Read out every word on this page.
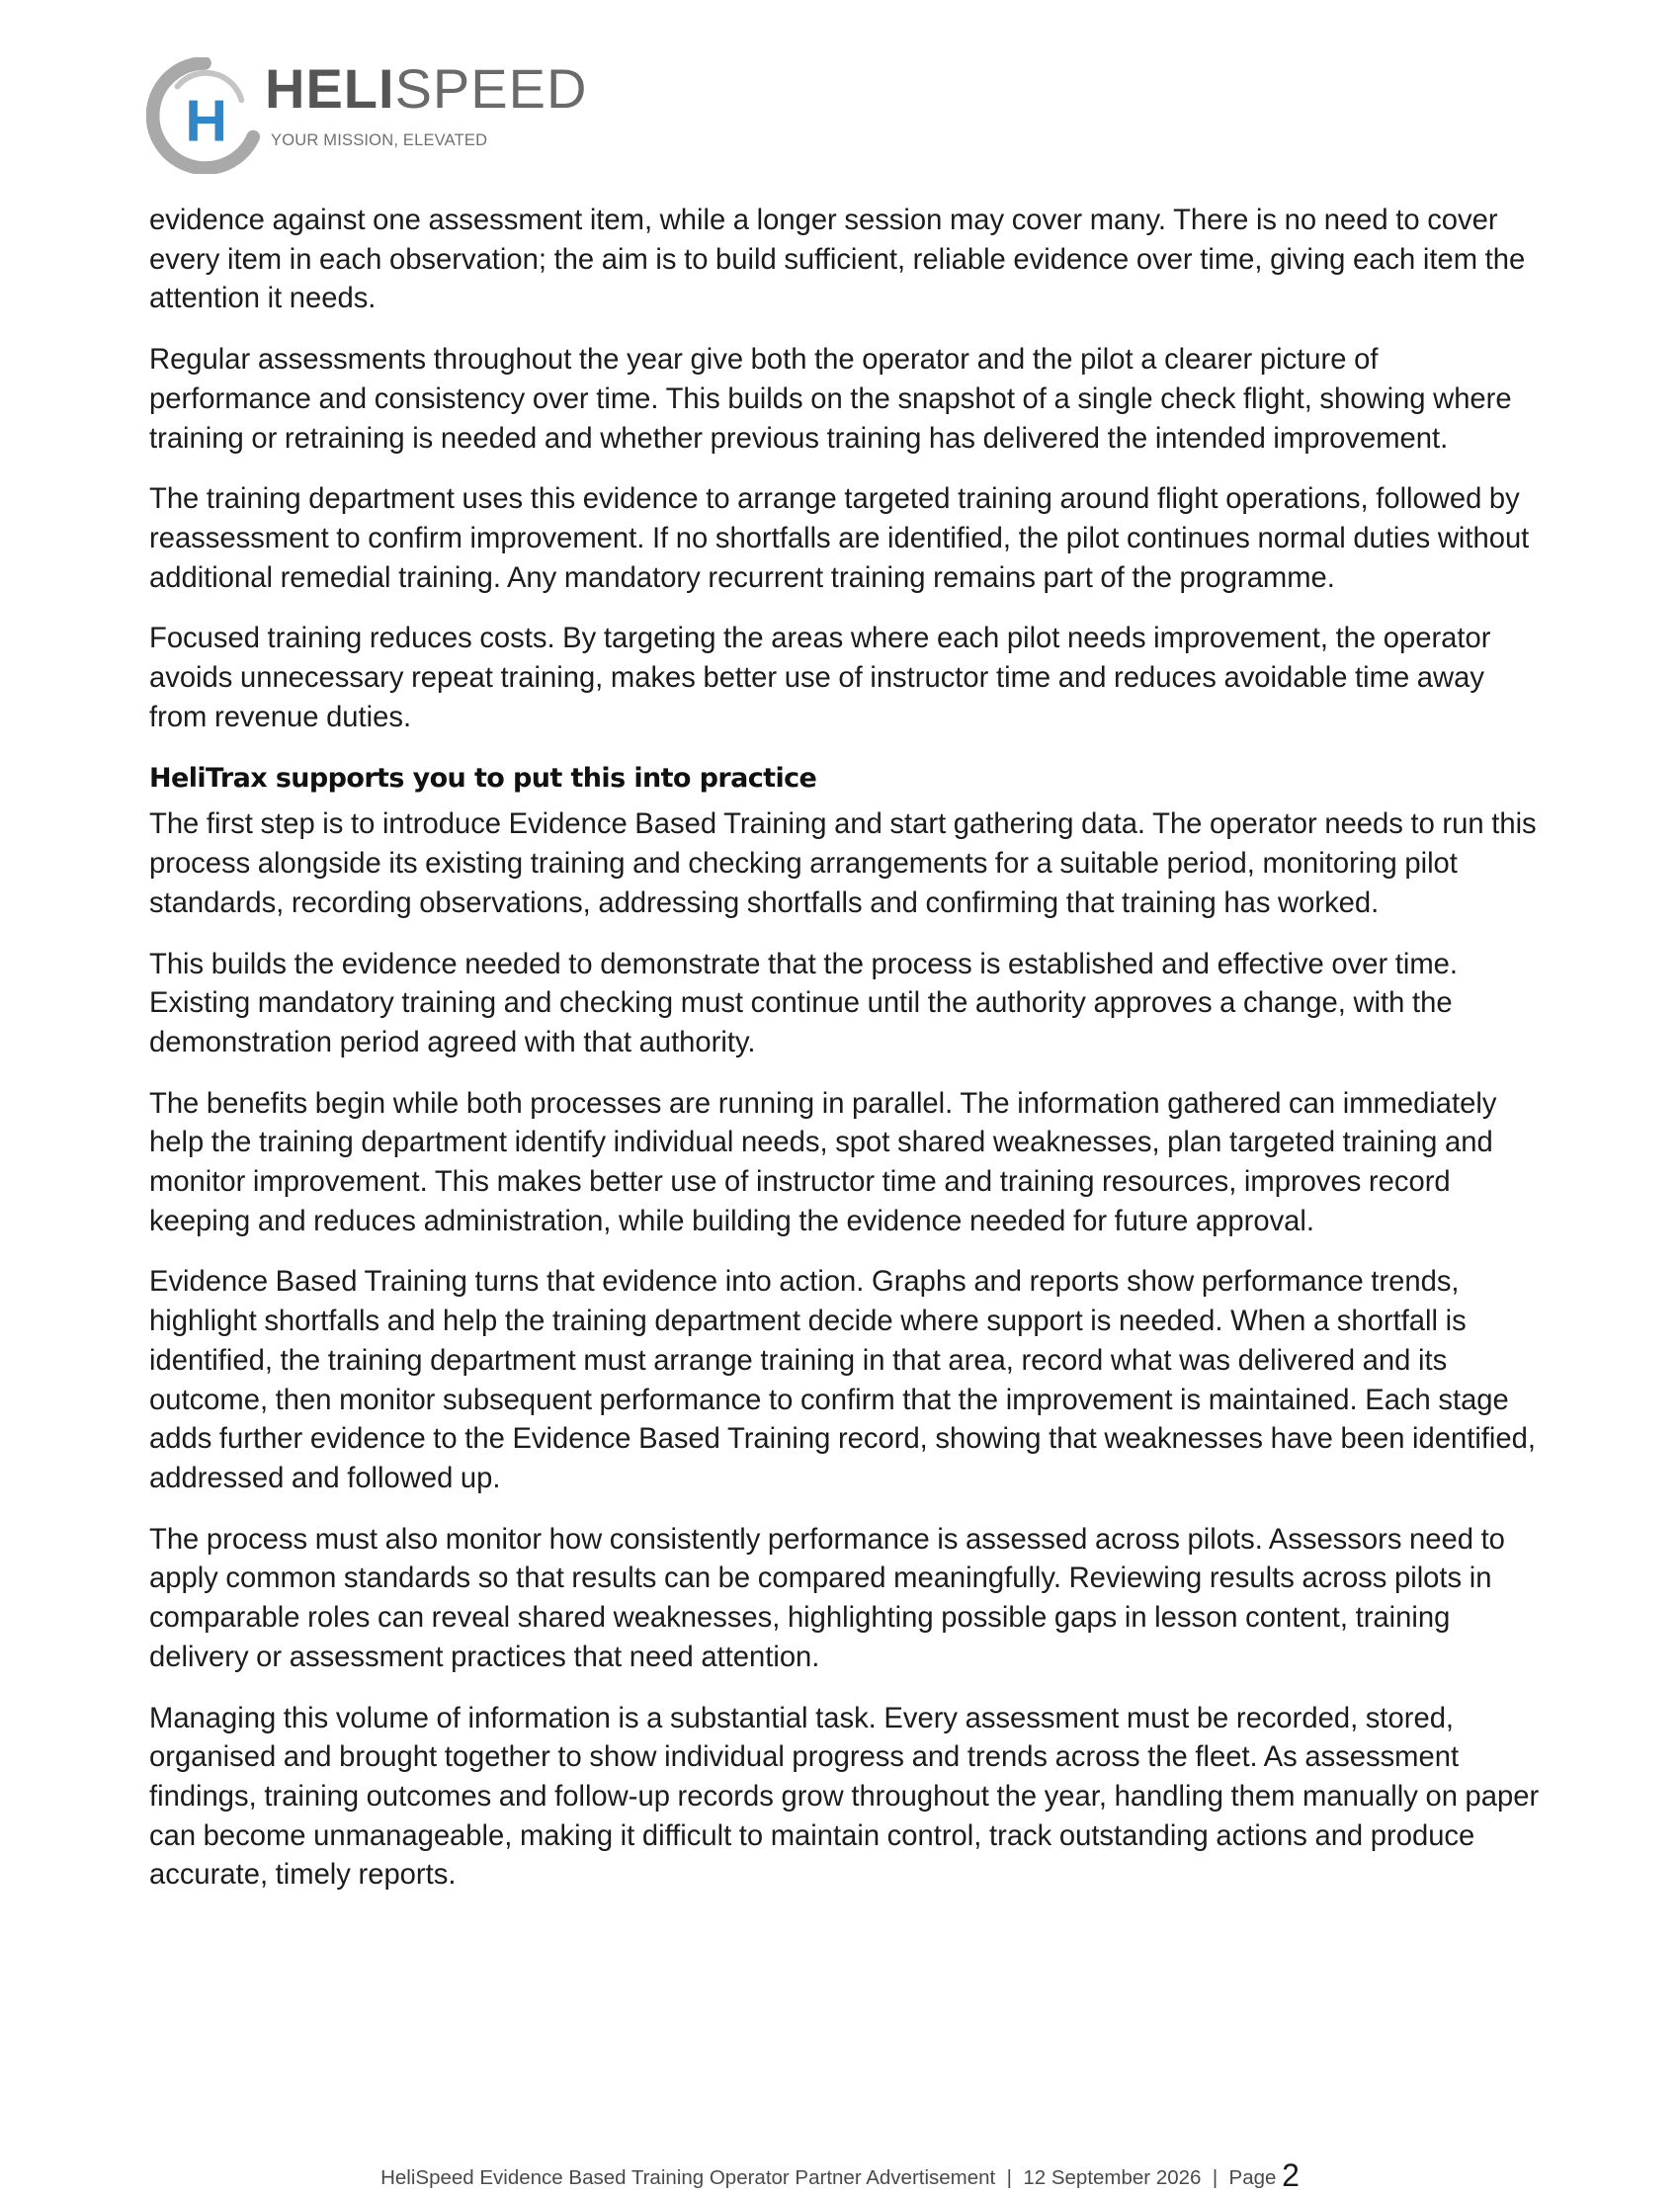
H
HELISPEED
YOUR MISSION, ELEVATED

evidence against one assessment item, while a longer session may cover many. There is no need to cover every item in each observation; the aim is to build sufficient, reliable evidence over time, giving each item the attention it needs.

Regular assessments throughout the year give both the operator and the pilot a clearer picture of performance and consistency over time. This builds on the snapshot of a single check flight, showing where training or retraining is needed and whether previous training has delivered the intended improvement.

The training department uses this evidence to arrange targeted training around flight operations, followed by reassessment to confirm improvement. If no shortfalls are identified, the pilot continues normal duties without additional remedial training. Any mandatory recurrent training remains part of the programme.

Focused training reduces costs. By targeting the areas where each pilot needs improvement, the operator avoids unnecessary repeat training, makes better use of instructor time and reduces avoidable time away from revenue duties.

HeliTrax supports you to put this into practice

The first step is to introduce Evidence Based Training and start gathering data. The operator needs to run this process alongside its existing training and checking arrangements for a suitable period, monitoring pilot standards, recording observations, addressing shortfalls and confirming that training has worked.

This builds the evidence needed to demonstrate that the process is established and effective over time. Existing mandatory training and checking must continue until the authority approves a change, with the demonstration period agreed with that authority.

The benefits begin while both processes are running in parallel. The information gathered can immediately help the training department identify individual needs, spot shared weaknesses, plan targeted training and monitor improvement. This makes better use of instructor time and training resources, improves record keeping and reduces administration, while building the evidence needed for future approval.

Evidence Based Training turns that evidence into action. Graphs and reports show performance trends, highlight shortfalls and help the training department decide where support is needed. When a shortfall is identified, the training department must arrange training in that area, record what was delivered and its outcome, then monitor subsequent performance to confirm that the improvement is maintained. Each stage adds further evidence to the Evidence Based Training record, showing that weaknesses have been identified, addressed and followed up.

The process must also monitor how consistently performance is assessed across pilots. Assessors need to apply common standards so that results can be compared meaningfully. Reviewing results across pilots in comparable roles can reveal shared weaknesses, highlighting possible gaps in lesson content, training delivery or assessment practices that need attention.

Managing this volume of information is a substantial task. Every assessment must be recorded, stored, organised and brought together to show individual progress and trends across the fleet. As assessment findings, training outcomes and follow-up records grow throughout the year, handling them manually on paper can become unmanageable, making it difficult to maintain control, track outstanding actions and produce accurate, timely reports.

HeliSpeed Evidence Based Training Operator Partner Advertisement  |  12 September 2026  |  Page 2
